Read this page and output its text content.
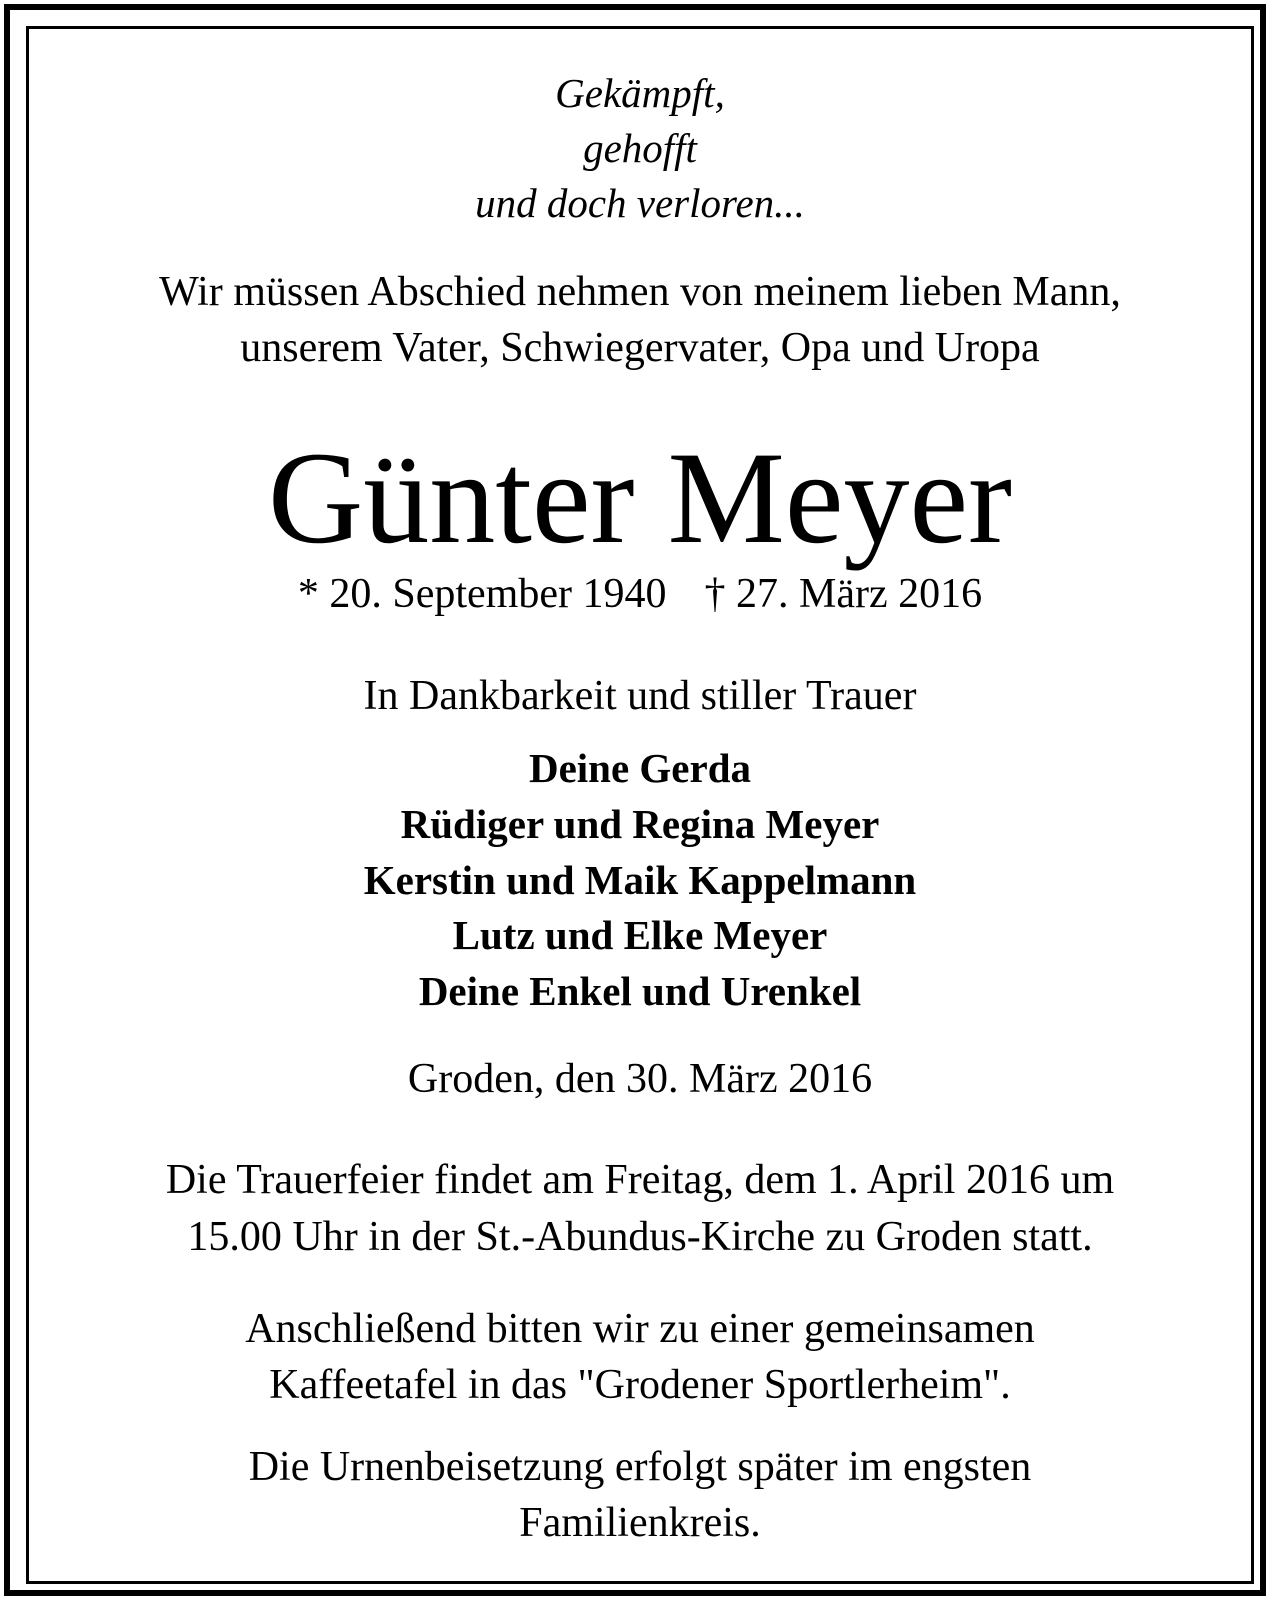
Gekämpft,
gehofft
und doch verloren...
Wir müssen Abschied nehmen von meinem lieben Mann,
unserem Vater, Schwiegervater, Opa und Uropa
Günter Meyer
* 20. September 1940 † 27. März 2016
In Dankbarkeit und stiller Trauer
Deine Gerda
Rüdiger und Regina Meyer
Kerstin und Maik Kappelmann
Lutz und Elke Meyer
Deine Enkel und Urenkel
Groden, den 30. März 2016
Die Trauerfeier findet am Freitag, dem 1. April 2016 um
15.00 Uhr in der St.-Abundus-Kirche zu Groden statt.
Anschließend bitten wir zu einer gemeinsamen
Kaffeetafel in das "Grodener Sportlerheim".
Die Urnenbeisetzung erfolgt später im engsten
Familienkreis.
